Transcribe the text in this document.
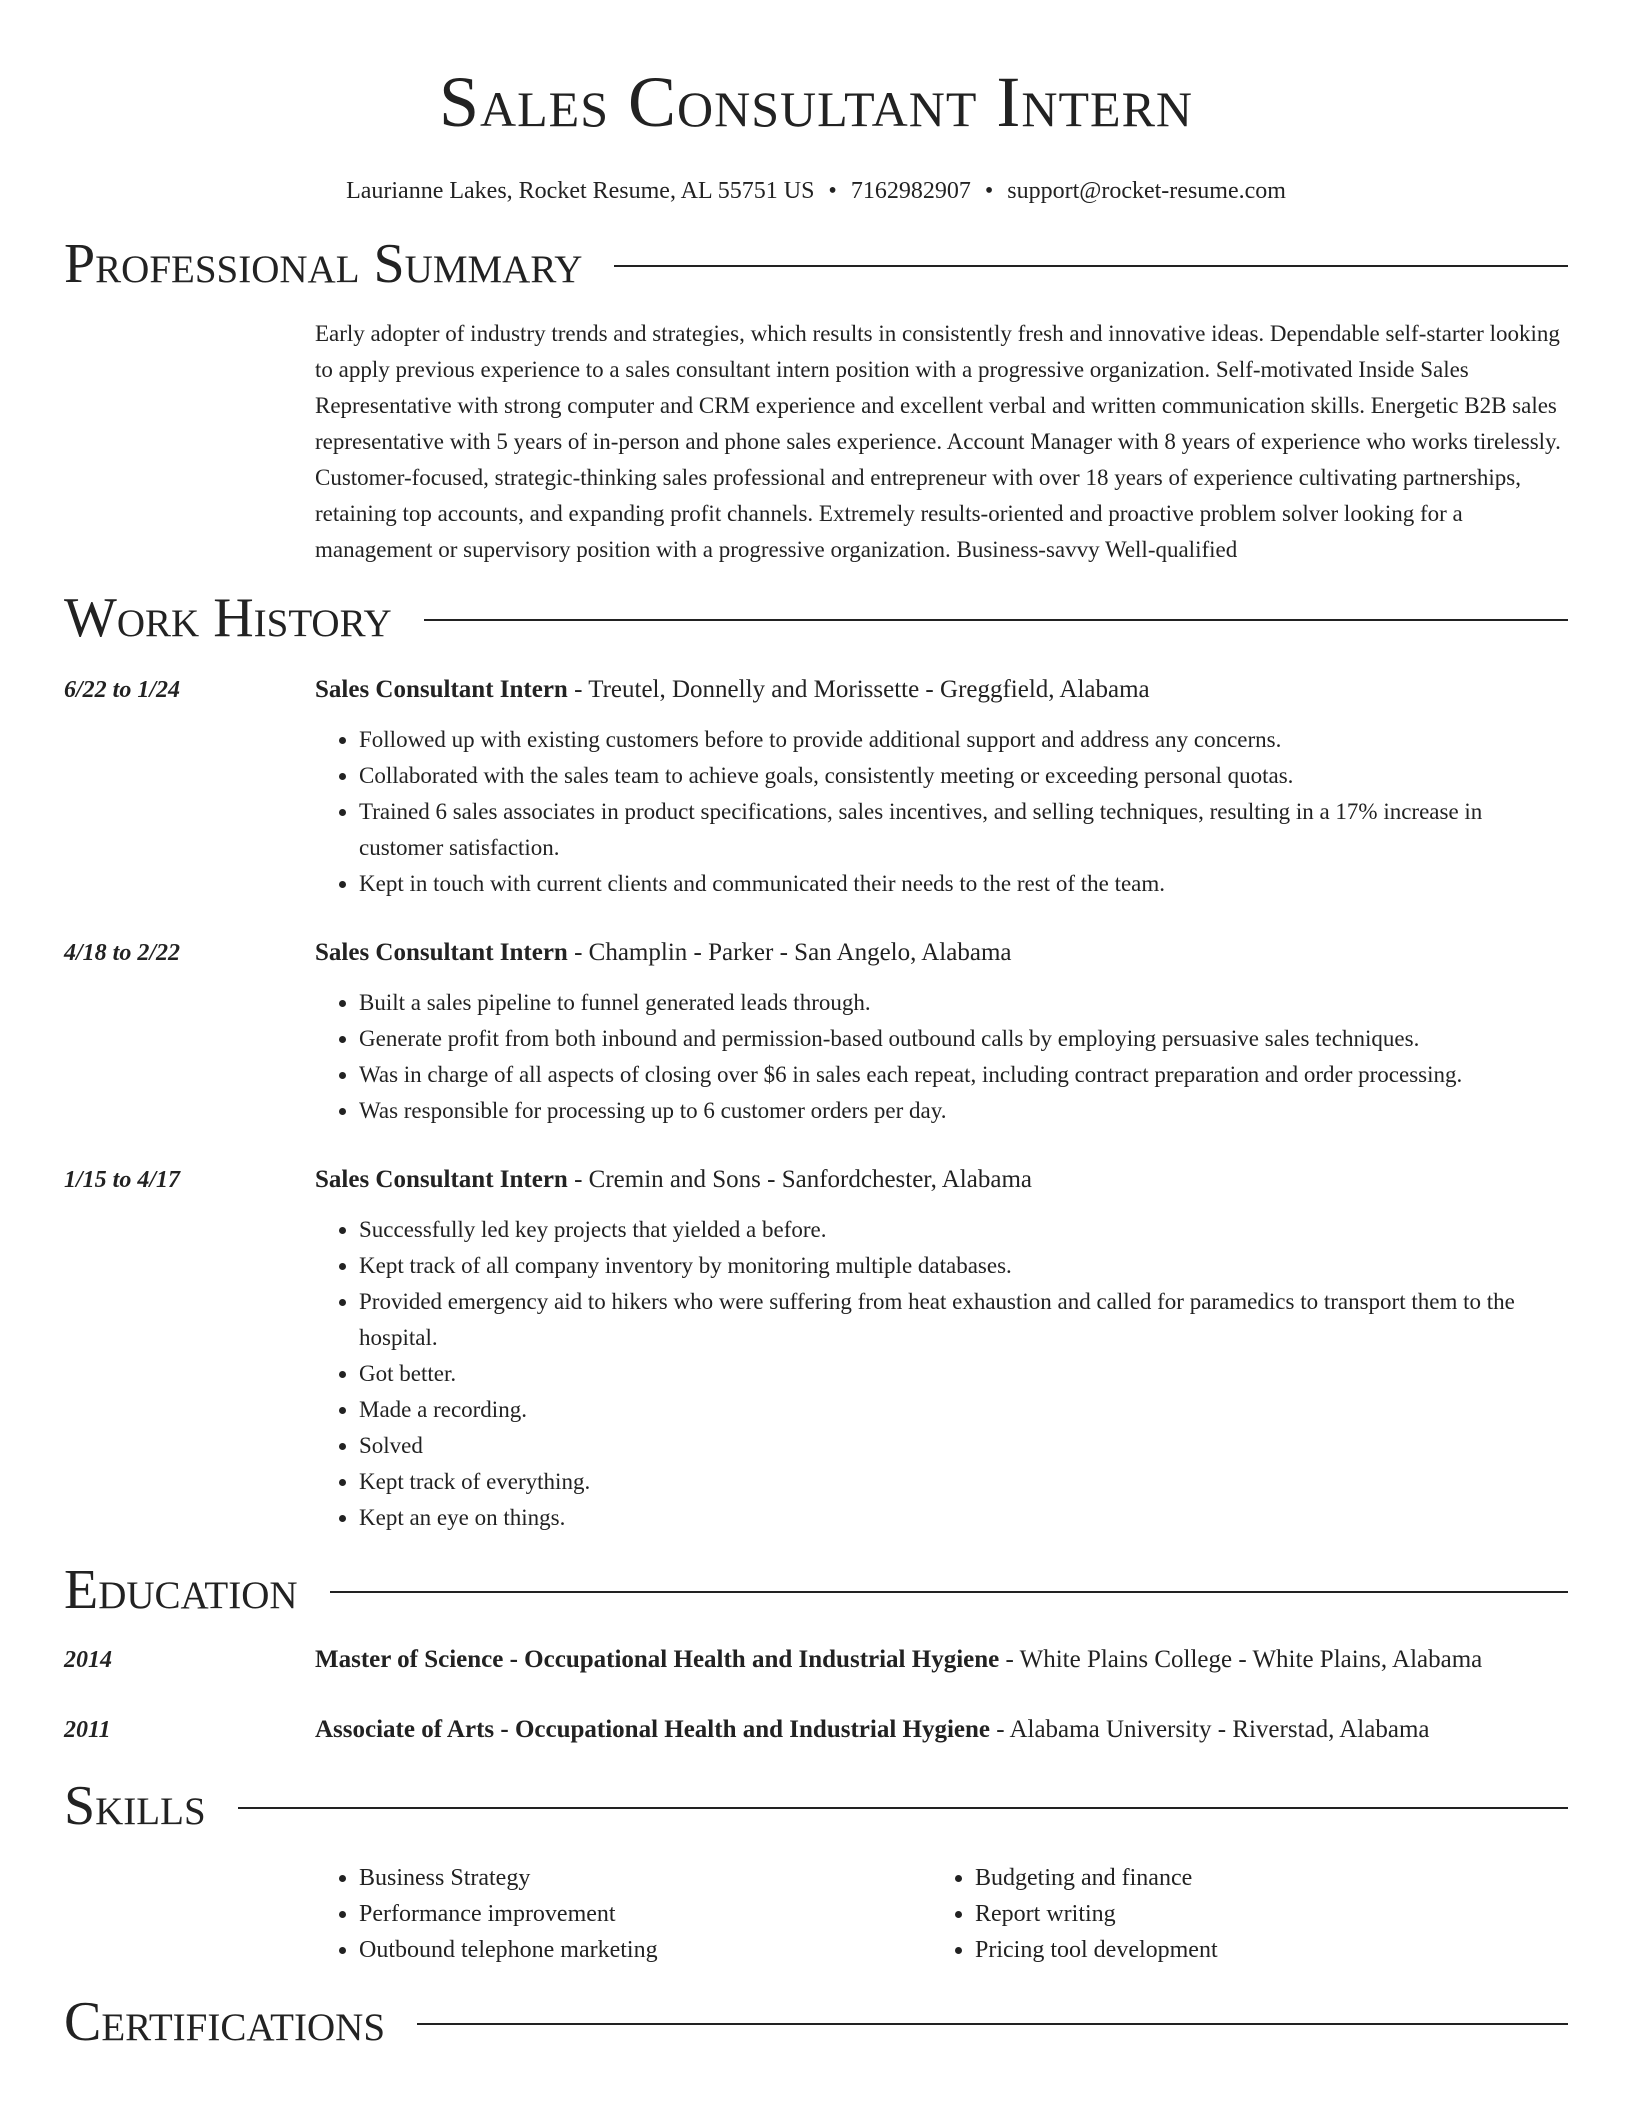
Sales Consultant Intern
Laurianne Lakes, Rocket Resume, AL 55751 US • 7162982907 • support@rocket-resume.com
Professional Summary
Early adopter of industry trends and strategies, which results in consistently fresh and innovative ideas. Dependable self-starter looking to apply previous experience to a sales consultant intern position with a progressive organization. Self-motivated Inside Sales Representative with strong computer and CRM experience and excellent verbal and written communication skills. Energetic B2B sales representative with 5 years of in-person and phone sales experience. Account Manager with 8 years of experience who works tirelessly. Customer-focused, strategic-thinking sales professional and entrepreneur with over 18 years of experience cultivating partnerships, retaining top accounts, and expanding profit channels. Extremely results-oriented and proactive problem solver looking for a management or supervisory position with a progressive organization. Business-savvy Well-qualified
Work History
6/22 to 1/24	Sales Consultant Intern - Treutel, Donnelly and Morissette - Greggfield, Alabama
• Followed up with existing customers before to provide additional support and address any concerns.
• Collaborated with the sales team to achieve goals, consistently meeting or exceeding personal quotas.
• Trained 6 sales associates in product specifications, sales incentives, and selling techniques, resulting in a 17% increase in customer satisfaction.
• Kept in touch with current clients and communicated their needs to the rest of the team.
4/18 to 2/22	Sales Consultant Intern - Champlin - Parker - San Angelo, Alabama
• Built a sales pipeline to funnel generated leads through.
• Generate profit from both inbound and permission-based outbound calls by employing persuasive sales techniques.
• Was in charge of all aspects of closing over $6 in sales each repeat, including contract preparation and order processing.
• Was responsible for processing up to 6 customer orders per day.
1/15 to 4/17	Sales Consultant Intern - Cremin and Sons - Sanfordchester, Alabama
• Successfully led key projects that yielded a before.
• Kept track of all company inventory by monitoring multiple databases.
• Provided emergency aid to hikers who were suffering from heat exhaustion and called for paramedics to transport them to the hospital.
• Got better.
• Made a recording.
• Solved
• Kept track of everything.
• Kept an eye on things.
Education
2014	Master of Science - Occupational Health and Industrial Hygiene - White Plains College - White Plains, Alabama
2011	Associate of Arts - Occupational Health and Industrial Hygiene - Alabama University - Riverstad, Alabama
Skills
• Business Strategy
• Performance improvement
• Outbound telephone marketing
• Budgeting and finance
• Report writing
• Pricing tool development
Certifications
